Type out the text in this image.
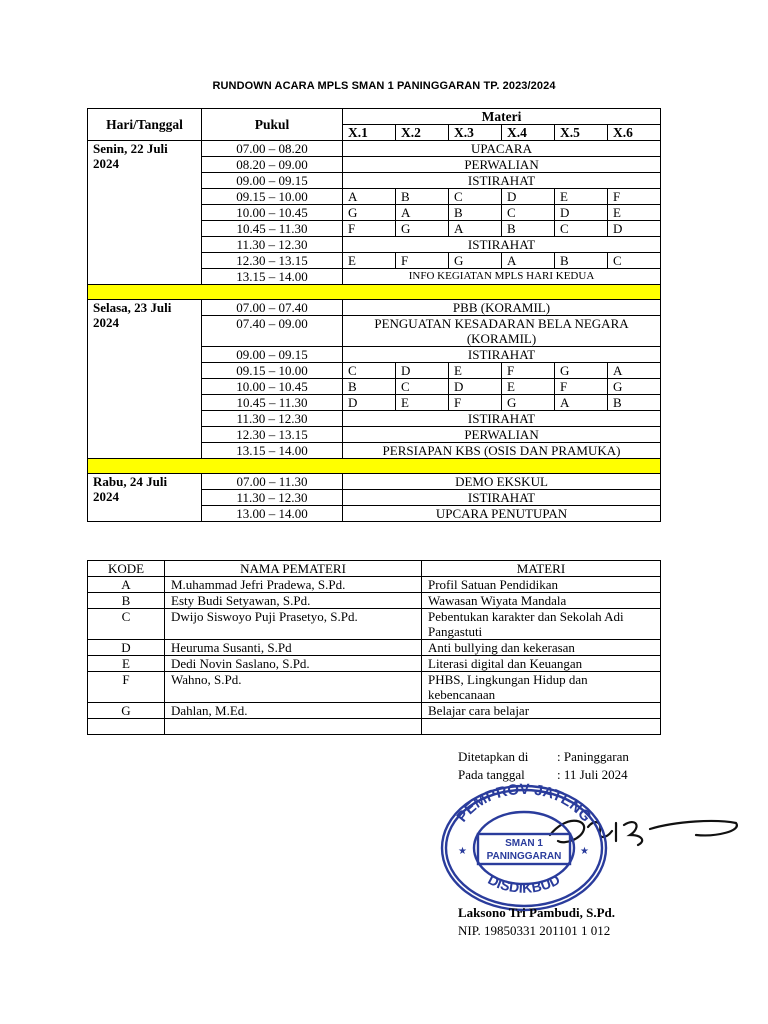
RUNDOWN ACARA MPLS SMAN 1 PANINGGARAN TP. 2023/2024
Hari/Tanggal	Pukul	Materi					
		X.1	X.2	X.3	X.4	X.5	X.6
Senin, 22 Juli 2024	07.00 – 08.20	UPACARA					
	08.20 – 09.00	PERWALIAN					
	09.00 – 09.15	ISTIRAHAT					
	09.15 – 10.00	A	B	C	D	E	F
	10.00 – 10.45	G	A	B	C	D	E
	10.45 – 11.30	F	G	A	B	C	D
	11.30 – 12.30	ISTIRAHAT					
	12.30 – 13.15	E	F	G	A	B	C
	13.15 – 14.00	INFO KEGIATAN MPLS HARI KEDUA					

Selasa, 23 Juli 2024	07.00 – 07.40	PBB (KORAMIL)					
	07.40 – 09.00	PENGUATAN KESADARAN BELA NEGARA (KORAMIL)					
	09.00 – 09.15	ISTIRAHAT					
	09.15 – 10.00	C	D	E	F	G	A
	10.00 – 10.45	B	C	D	E	F	G
	10.45 – 11.30	D	E	F	G	A	B
	11.30 – 12.30	ISTIRAHAT					
	12.30 – 13.15	PERWALIAN					
	13.15 – 14.00	PERSIAPAN KBS (OSIS DAN PRAMUKA)					

Rabu, 24 Juli 2024	07.00 – 11.30	DEMO EKSKUL					
	11.30 – 12.30	ISTIRAHAT					
	13.00 – 14.00	UPCARA PENUTUPAN					
KODE	NAMA PEMATERI	MATERI
A	M.uhammad Jefri Pradewa, S.Pd.	Profil Satuan Pendidikan
B	Esty Budi Setyawan, S.Pd.	Wawasan Wiyata Mandala
C	Dwijo Siswoyo Puji Prasetyo, S.Pd.	Pebentukan karakter dan Sekolah Adi Pangastuti
D	Heuruma Susanti, S.Pd	Anti bullying dan kekerasan
E	Dedi Novin Saslano, S.Pd.	Literasi digital dan Keuangan
F	Wahno, S.Pd.	PHBS, Lingkungan Hidup dan kebencanaan
G	Dahlan, M.Ed.	Belajar cara belajar

Ditetapkan di : Paninggaran
Pada tanggal : 11 Juli 2024
PEMPROV JATENG
DISDIKBUD
SMAN 1
PANINGGARAN
★	★
Laksono Tri Pambudi, S.Pd.
NIP. 19850331 201101 1 012
